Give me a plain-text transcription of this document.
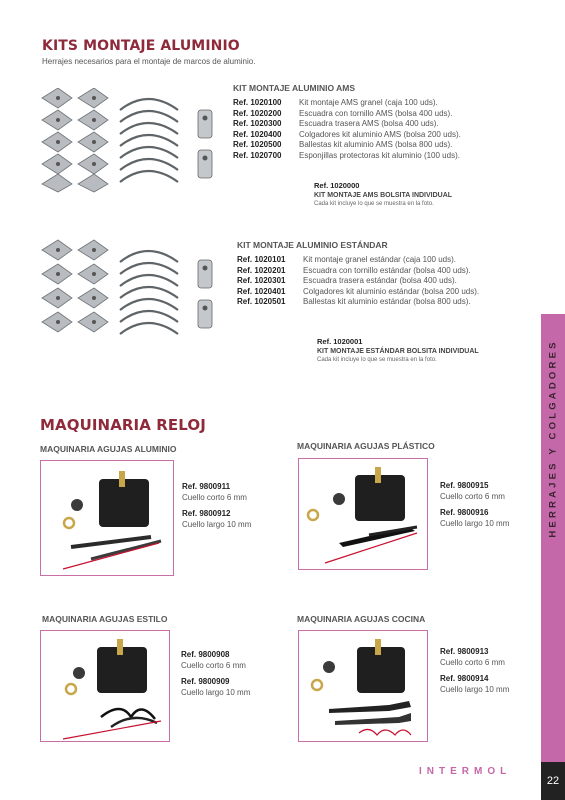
KITS MONTAJE ALUMINIO
Herrajes necesarios para el montaje de marcos de aluminio.
KIT MONTAJE ALUMINIO AMS
Ref. 1020100	Kit montaje AMS granel (caja 100 uds).
Ref. 1020200	Escuadra con tornillo AMS (bolsa 400 uds).
Ref. 1020300	Escuadra trasera AMS (bolsa 400 uds).
Ref. 1020400	Colgadores kit aluminio AMS (bolsa 200 uds).
Ref. 1020500	Ballestas kit aluminio AMS (bolsa 800 uds).
Ref. 1020700	Esponjillas protectoras kit aluminio (100 uds).
Ref. 1020000
KIT MONTAJE AMS BOLSITA INDIVIDUAL
Cada kit incluye lo que se muestra en la foto.
KIT MONTAJE ALUMINIO ESTÁNDAR
Ref. 1020101	Kit montaje granel estándar (caja 100 uds).
Ref. 1020201	Escuadra con tornillo estándar (bolsa 400 uds).
Ref. 1020301	Escuadra trasera estándar (bolsa 400 uds).
Ref. 1020401	Colgadores kit aluminio estándar (bolsa 200 uds).
Ref. 1020501	Ballestas kit aluminio estándar (bolsa 800 uds).
Ref. 1020001
KIT MONTAJE ESTÁNDAR BOLSITA INDIVIDUAL
Cada kit incluye lo que se muestra en la foto.
MAQUINARIA RELOJ
MAQUINARIA AGUJAS ALUMINIO
Ref. 9800911
Cuello corto 6 mm
Ref. 9800912
Cuello largo 10 mm
MAQUINARIA AGUJAS PLÁSTICO
Ref. 9800915
Cuello corto 6 mm
Ref. 9800916
Cuello largo 10 mm
MAQUINARIA AGUJAS ESTILO
Ref. 9800908
Cuello corto 6 mm
Ref. 9800909
Cuello largo 10 mm
MAQUINARIA AGUJAS COCINA
Ref. 9800913
Cuello corto 6 mm
Ref. 9800914
Cuello largo 10 mm
HERRAJES Y COLGADORES
INTERMOL
22
